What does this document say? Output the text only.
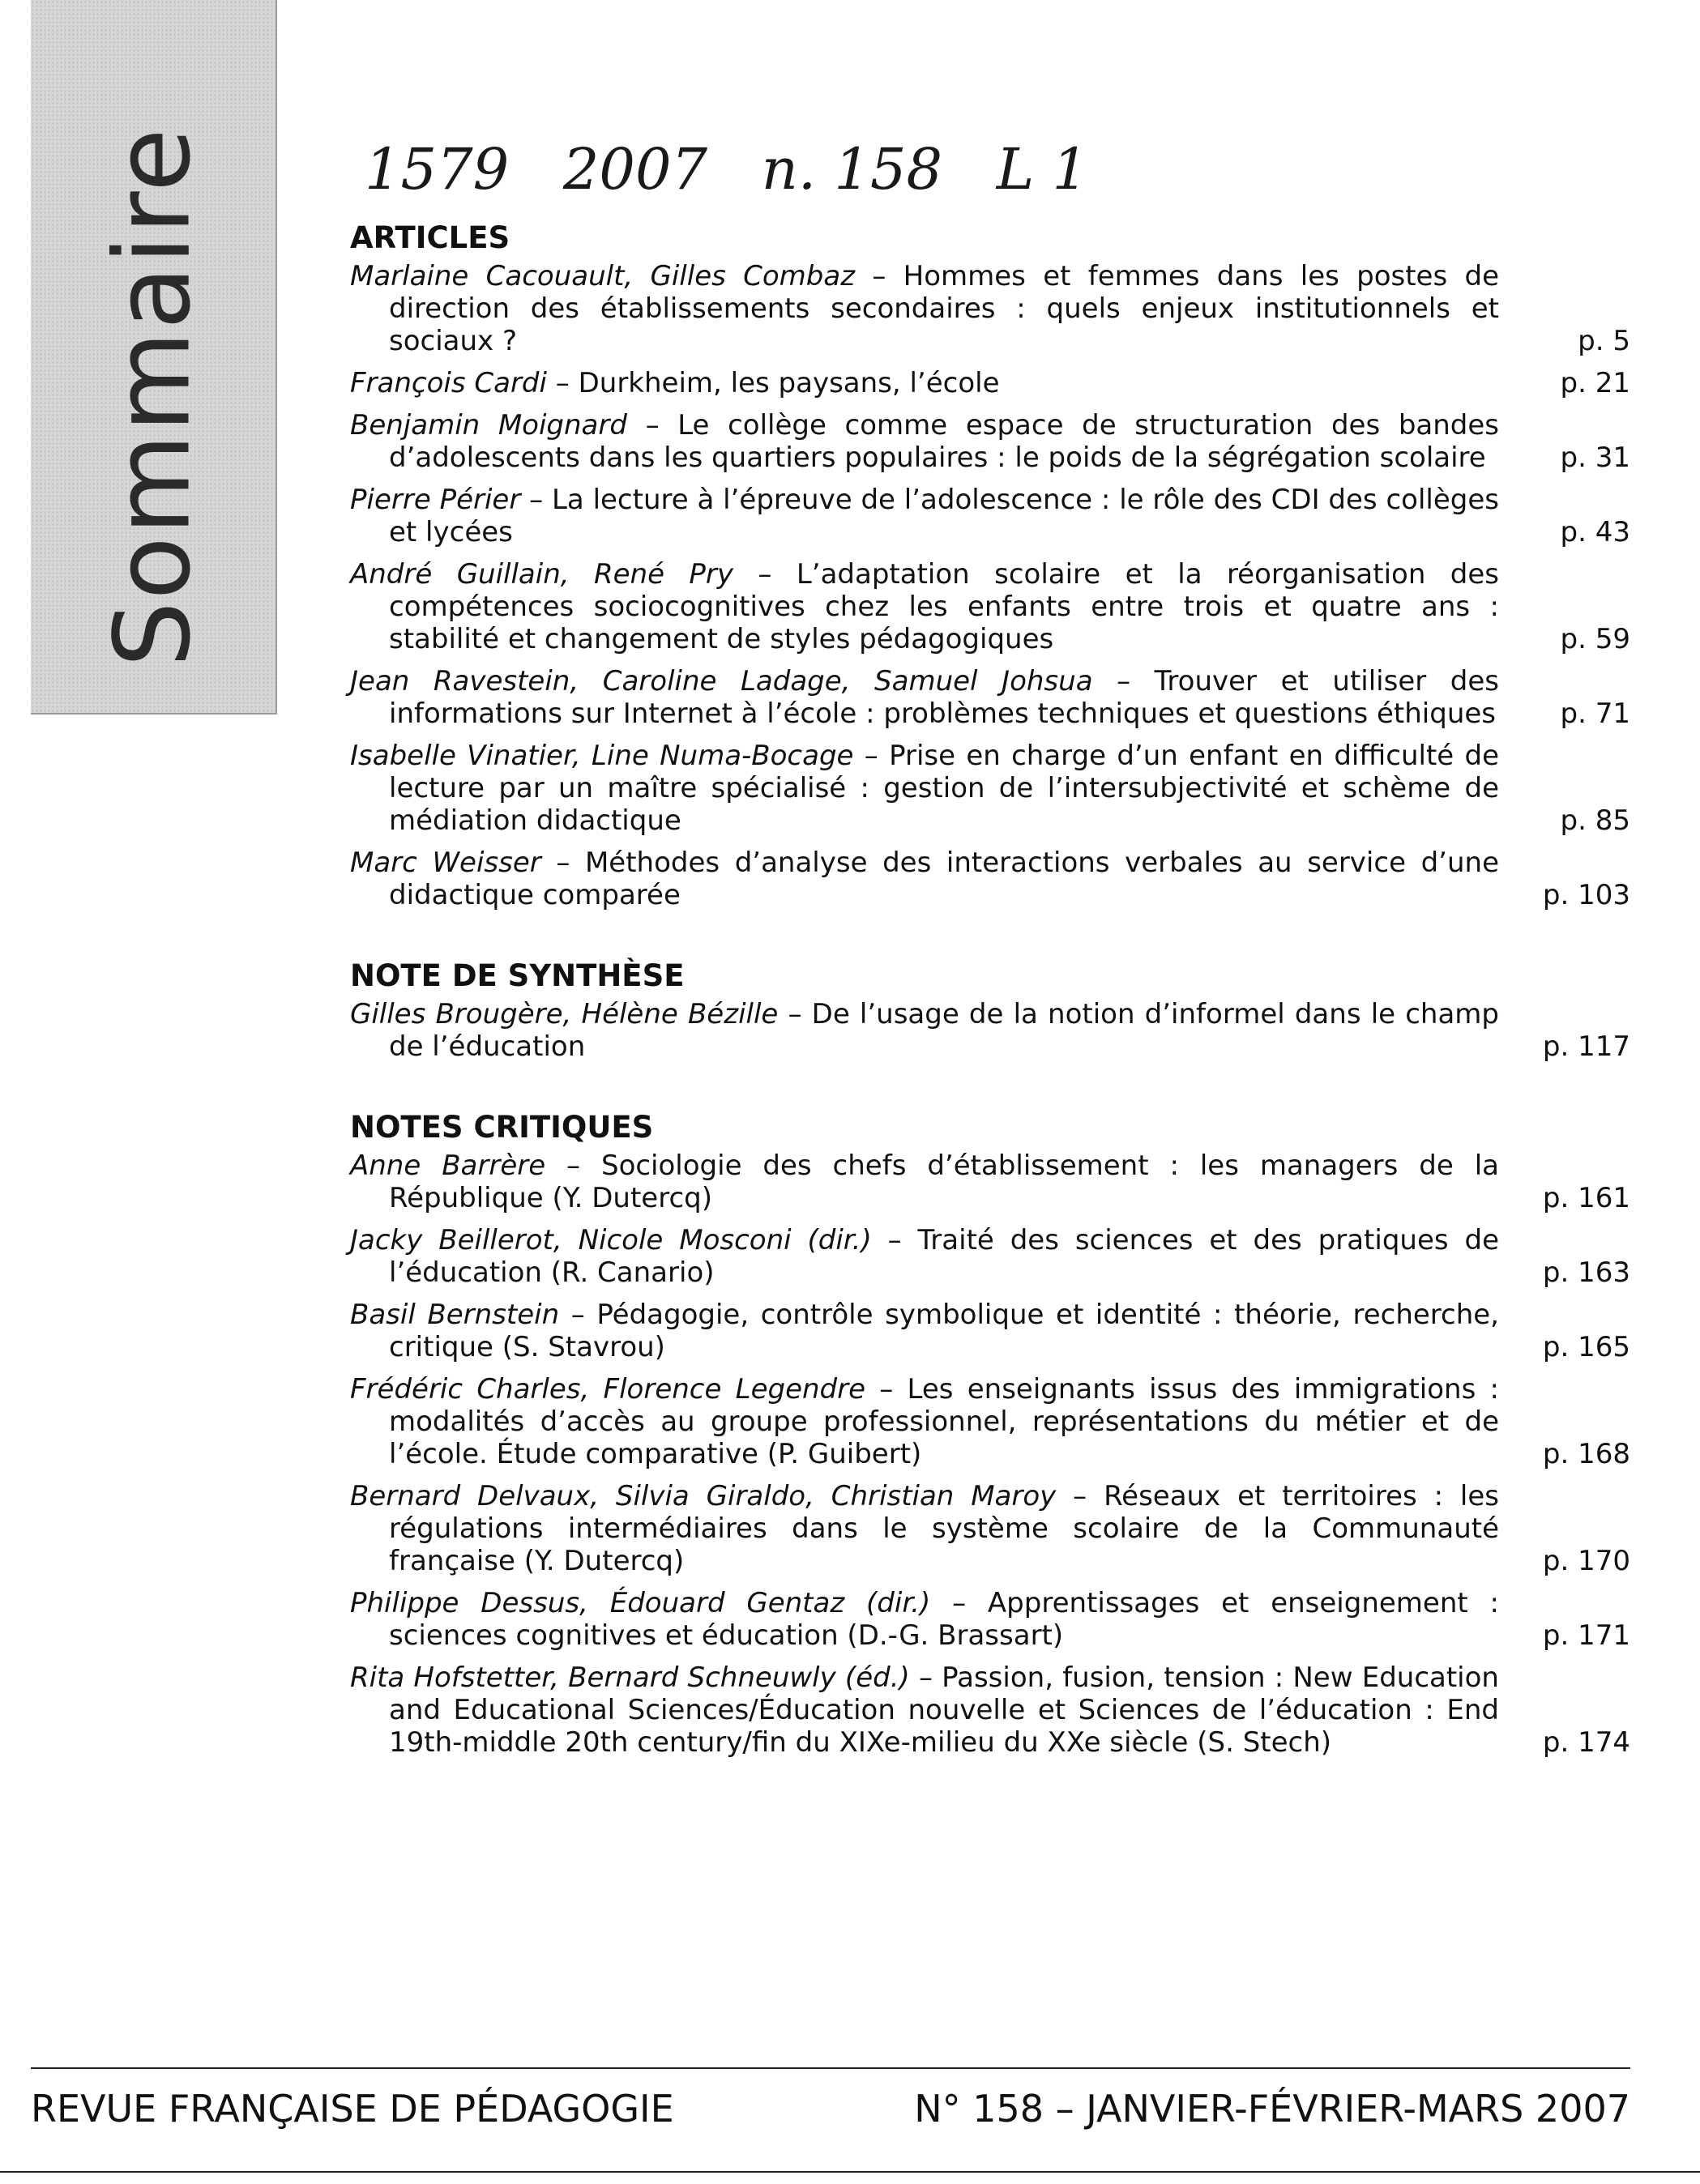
Sommaire	1579   2007   n. 158   L 1
ARTICLES
Marlaine Cacouault, Gilles Combaz – Hommes et femmes dans les postes de direction des établissements secondaires : quels enjeux institutionnels et sociaux ?	p. 5
François Cardi – Durkheim, les paysans, l’école	p. 21
Benjamin Moignard – Le collège comme espace de structuration des bandes d’adolescents dans les quartiers populaires : le poids de la ségrégation scolaire	p. 31
Pierre Périer – La lecture à l’épreuve de l’adolescence : le rôle des CDI des collèges et lycées	p. 43
André Guillain, René Pry – L’adaptation scolaire et la réorganisation des compétences sociocognitives chez les enfants entre trois et quatre ans : stabilité et changement de styles pédagogiques	p. 59
Jean Ravestein, Caroline Ladage, Samuel Johsua – Trouver et utiliser des informations sur Internet à l’école : problèmes techniques et questions éthiques p. 71
Isabelle Vinatier, Line Numa-Bocage – Prise en charge d’un enfant en difficulté de lecture par un maître spécialisé : gestion de l’intersubjectivité et schème de médiation didactique	p. 85
Marc Weisser – Méthodes d’analyse des interactions verbales au service d’une didactique comparée	p. 103
NOTE DE SYNTHÈSE
Gilles Brougère, Hélène Bézille – De l’usage de la notion d’informel dans le champ de l’éducation	p. 117
NOTES CRITIQUES
Anne Barrère – Sociologie des chefs d’établissement : les managers de la République (Y. Dutercq)	p. 161
Jacky Beillerot, Nicole Mosconi (dir.) – Traité des sciences et des pratiques de l’éducation (R. Canario)	p. 163
Basil Bernstein – Pédagogie, contrôle symbolique et identité : théorie, recherche, critique (S. Stavrou)	p. 165
Frédéric Charles, Florence Legendre – Les enseignants issus des immigrations : modalités d’accès au groupe professionnel, représentations du métier et de l’école. Étude comparative (P. Guibert)	p. 168
Bernard Delvaux, Silvia Giraldo, Christian Maroy – Réseaux et territoires : les régulations intermédiaires dans le système scolaire de la Communauté française (Y. Dutercq)	p. 170
Philippe Dessus, Édouard Gentaz (dir.) – Apprentissages et enseignement : sciences cognitives et éducation (D.-G. Brassart)	p. 171
Rita Hofstetter, Bernard Schneuwly (éd.) – Passion, fusion, tension : New Education and Educational Sciences/Éducation nouvelle et Sciences de l’éducation : End 19th-middle 20th century/fin du XIXe-milieu du XXe siècle (S. Stech)	p. 174
REVUE FRANÇAISE DE PÉDAGOGIE	N° 158 – JANVIER-FÉVRIER-MARS 2007
